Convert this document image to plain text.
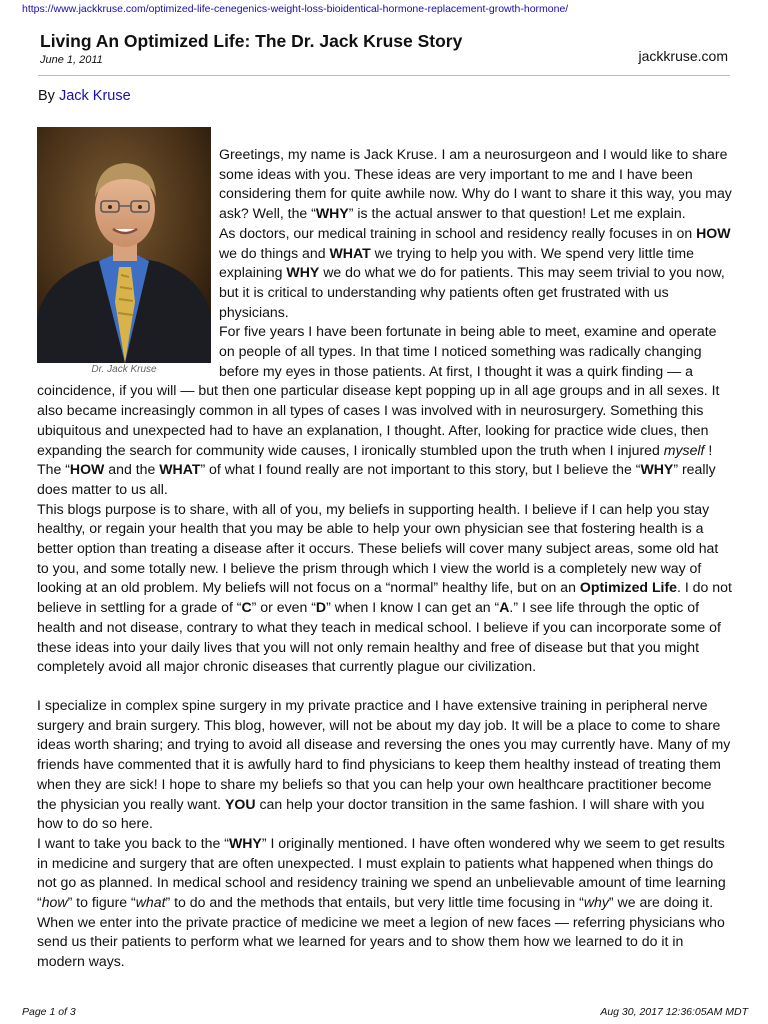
https://www.jackkruse.com/optimized-life-cenegenics-weight-loss-bioidentical-hormone-replacement-growth-hormone/
Living An Optimized Life: The Dr. Jack Kruse Story
June 1, 2011	jackkruse.com
By Jack Kruse
Dr. Jack Kruse

Greetings, my name is Jack Kruse. I am a neurosurgeon and I would like to share some ideas with you. These ideas are very important to me and I have been considering them for quite awhile now. Why do I want to share it this way, you may ask? Well, the “WHY” is the actual answer to that question! Let me explain.

As doctors, our medical training in school and residency really focuses in on HOW we do things and WHAT we trying to help you with. We spend very little time explaining WHY we do what we do for patients. This may seem trivial to you now, but it is critical to understanding why patients often get frustrated with us physicians.

For five years I have been fortunate in being able to meet, examine and operate on people of all types. In that time I noticed something was radically changing before my eyes in those patients. At first, I thought it was a quirk finding — a coincidence, if you will — but then one particular disease kept popping up in all age groups and in all sexes. It also became increasingly common in all types of cases I was involved with in neurosurgery. Something this ubiquitous and unexpected had to have an explanation, I thought. After, looking for practice wide clues, then expanding the search for community wide causes, I ironically stumbled upon the truth when I injured myself ! The “HOW and the WHAT” of what I found really are not important to this story, but I believe the “WHY” really does matter to us all.

This blogs purpose is to share, with all of you, my beliefs in supporting health. I believe if I can help you stay healthy, or regain your health that you may be able to help your own physician see that fostering health is a better option than treating a disease after it occurs. These beliefs will cover many subject areas, some old hat to you, and some totally new. I believe the prism through which I view the world is a completely new way of looking at an old problem. My beliefs will not focus on a “normal” healthy life, but on an Optimized Life. I do not believe in settling for a grade of “C” or even “D” when I know I can get an “A.” I see life through the optic of health and not disease, contrary to what they teach in medical school. I believe if you can incorporate some of these ideas into your daily lives that you will not only remain healthy and free of disease but that you might completely avoid all major chronic diseases that currently plague our civilization.

I specialize in complex spine surgery in my private practice and I have extensive training in peripheral nerve surgery and brain surgery. This blog, however, will not be about my day job. It will be a place to come to share ideas worth sharing; and trying to avoid all disease and reversing the ones you may currently have. Many of my friends have commented that it is awfully hard to find physicians to keep them healthy instead of treating them when they are sick! I hope to share my beliefs so that you can help your own healthcare practitioner become the physician you really want. YOU can help your doctor transition in the same fashion. I will share with you how to do so here.

I want to take you back to the “WHY” I originally mentioned. I have often wondered why we seem to get results in medicine and surgery that are often unexpected. I must explain to patients what happened when things do not go as planned. In medical school and residency training we spend an unbelievable amount of time learning “how” to figure “what” to do and the methods that entails, but very little time focusing in “why” we are doing it. When we enter into the private practice of medicine we meet a legion of new faces — referring physicians who send us their patients to perform what we learned for years and to show them how we learned to do it in modern ways.

Page 1 of 3	Aug 30, 2017 12:36:05AM MDT
